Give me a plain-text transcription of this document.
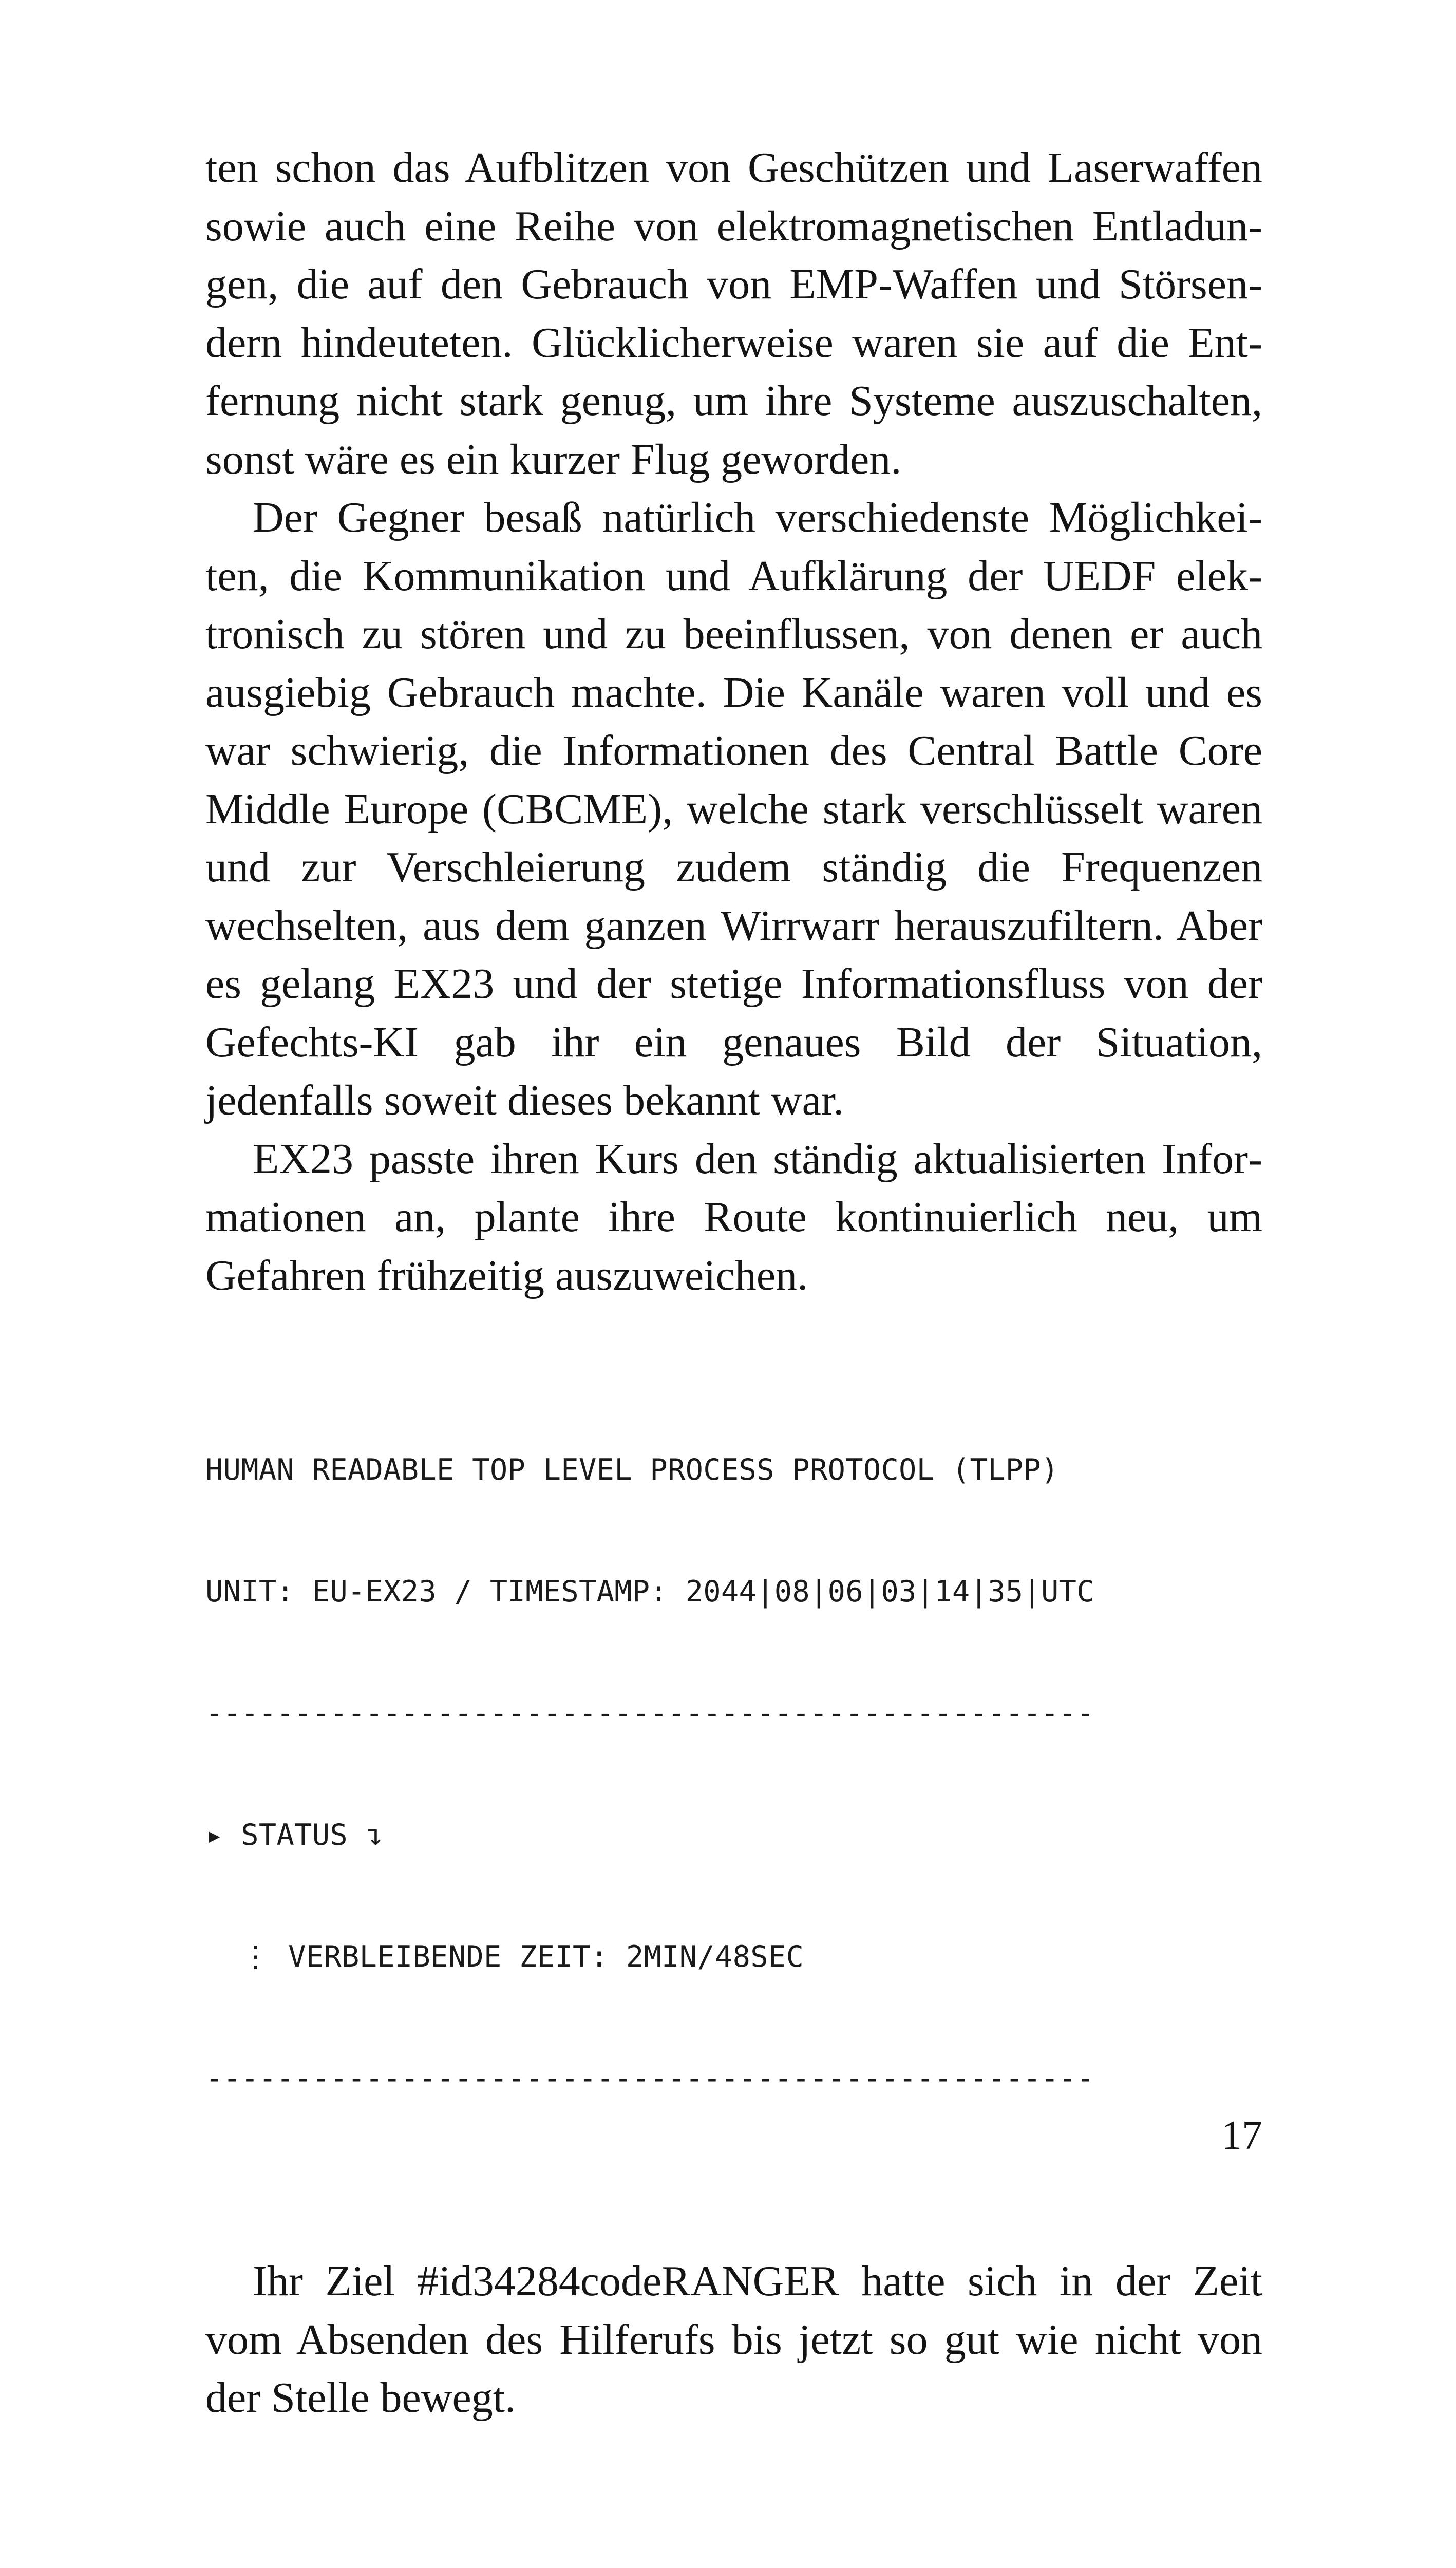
ten schon das Aufblitzen von Geschützen und Laserwaffen sowie auch eine Reihe von elektromagnetischen Entladungen, die auf den Gebrauch von EMP-Waffen und Störsendern hindeuteten. Glücklicherweise waren sie auf die Entfernung nicht stark genug, um ihre Systeme auszuschalten, sonst wäre es ein kurzer Flug geworden.

Der Gegner besaß natürlich verschiedenste Möglichkeiten, die Kommunikation und Aufklärung der UEDF elektronisch zu stören und zu beeinflussen, von denen er auch ausgiebig Gebrauch machte. Die Kanäle waren voll und es war schwierig, die Informationen des Central Battle Core Middle Europe (CBCME), welche stark verschlüsselt waren und zur Verschleierung zudem ständig die Frequenzen wechselten, aus dem ganzen Wirrwarr herauszufiltern. Aber es gelang EX23 und der stetige Informationsfluss von der Gefechts-KI gab ihr ein genaues Bild der Situation, jedenfalls soweit dieses bekannt war.

EX23 passte ihren Kurs den ständig aktualisierten Informationen an, plante ihre Route kontinuierlich neu, um Gefahren frühzeitig auszuweichen.

HUMAN READABLE TOP LEVEL PROCESS PROTOCOL (TLPP)

UNIT: EU-EX23 / TIMESTAMP: 2044|08|06|03|14|35|UTC

--------------------------------------------------

▸ STATUS ↴

⋮ VERBLEIBENDE ZEIT: 2MIN/48SEC

--------------------------------------------------

Ihr Ziel #id34284codeRANGER hatte sich in der Zeit vom Absenden des Hilferufs bis jetzt so gut wie nicht von der Stelle bewegt.

17
